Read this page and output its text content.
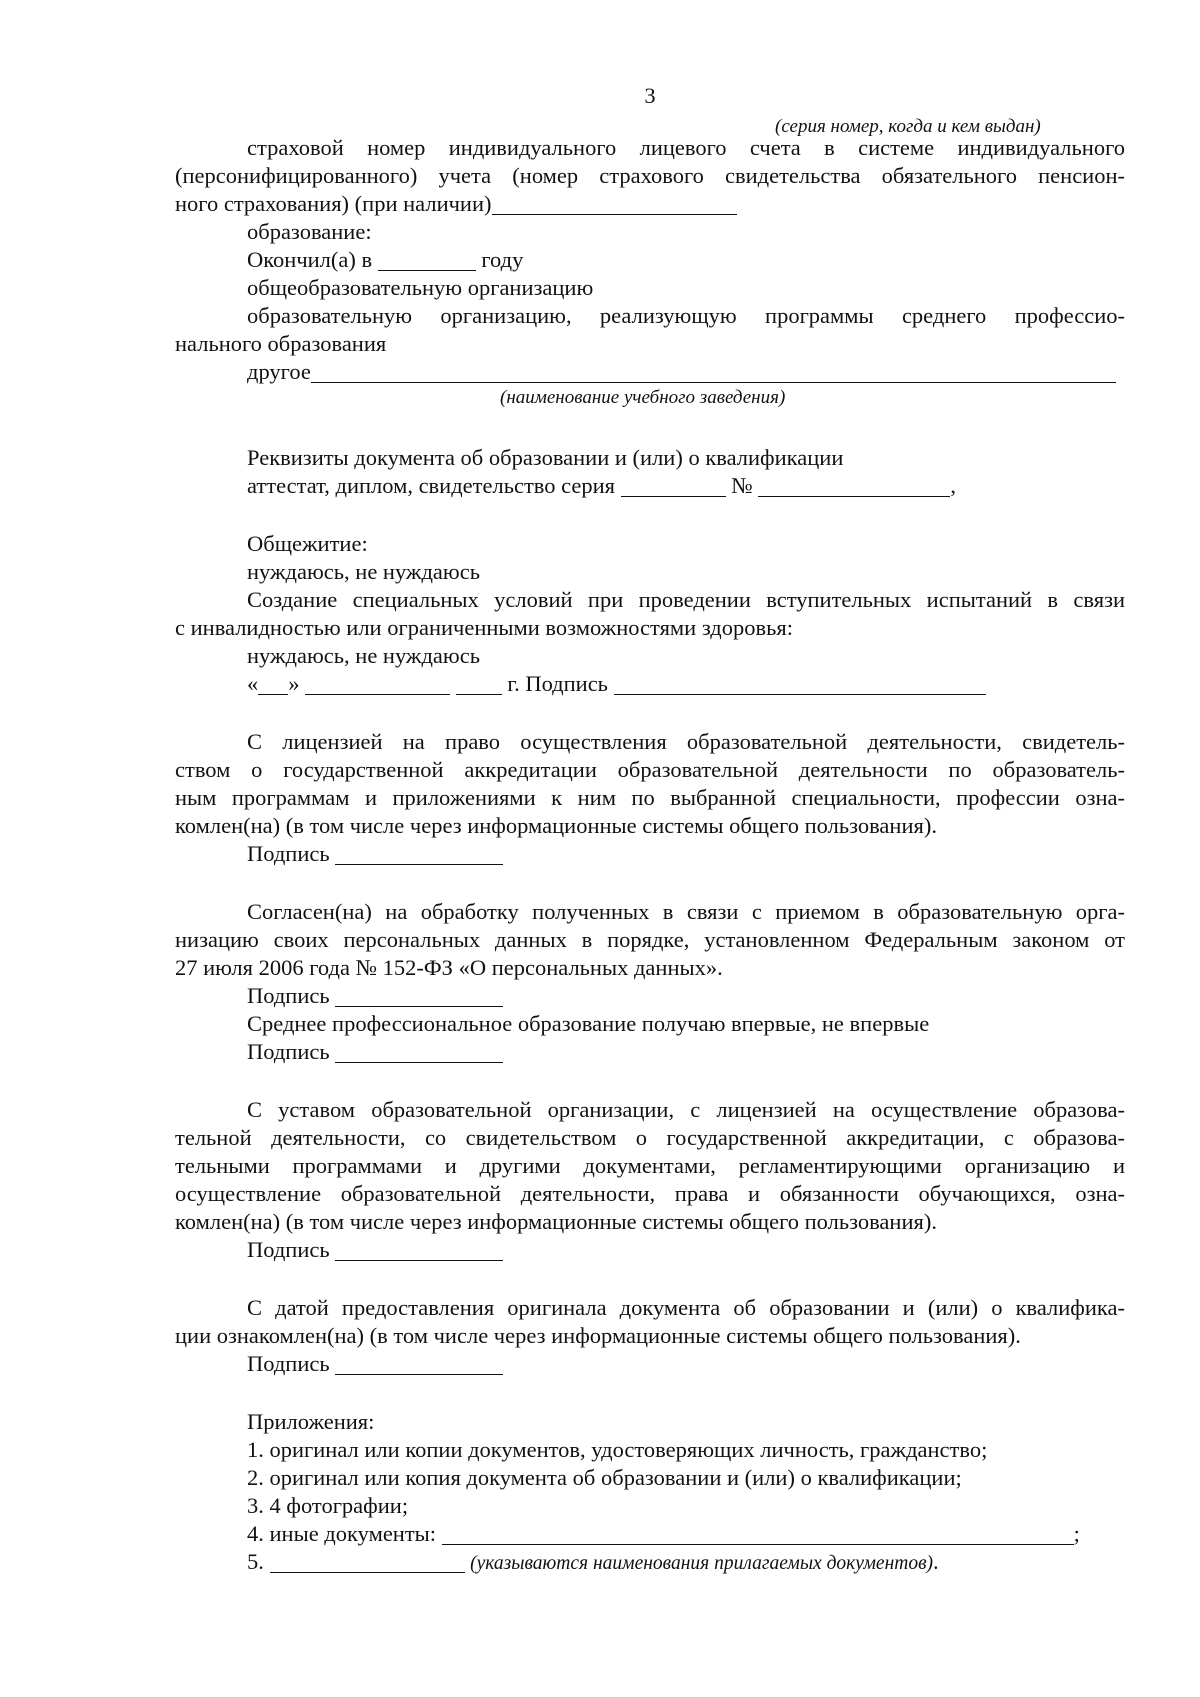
3
(серия номер, когда и кем выдан)
страховой номер индивидуального лицевого счета в системе индивидуального
(персонифицированного) учета (номер страхового свидетельства обязательного пенсион-
ного страхования) (при наличии)
образование:
Окончил(а) в	году
общеобразовательную организацию
образовательную организацию, реализующую программы среднего профессио-
нального образования
другое
(наименование учебного заведения)
Реквизиты документа об образовании и (или) о квалификации
аттестат, диплом, свидетельство серия	№	,
Общежитие:
нуждаюсь, не нуждаюсь
Создание специальных условий при проведении вступительных испытаний в связи
с инвалидностью или ограниченными возможностями здоровья:
нуждаюсь, не нуждаюсь
« »	г. Подпись
С лицензией на право осуществления образовательной деятельности, свидетель-
ством о государственной аккредитации образовательной деятельности по образователь-
ным программам и приложениями к ним по выбранной специальности, профессии озна-
комлен(на) (в том числе через информационные системы общего пользования).
Подпись
Согласен(на) на обработку полученных в связи с приемом в образовательную орга-
низацию своих персональных данных в порядке, установленном Федеральным законом от
27 июля 2006 года № 152-ФЗ «О персональных данных».
Подпись
Среднее профессиональное образование получаю впервые, не впервые
Подпись
С уставом образовательной организации, с лицензией на осуществление образова-
тельной деятельности, со свидетельством о государственной аккредитации, с образова-
тельными программами и другими документами, регламентирующими организацию и
осуществление образовательной деятельности, права и обязанности обучающихся, озна-
комлен(на) (в том числе через информационные системы общего пользования).
Подпись
С датой предоставления оригинала документа об образовании и (или) о квалифика-
ции ознакомлен(на) (в том числе через информационные системы общего пользования).
Подпись
Приложения:
1. оригинал или копии документов, удостоверяющих личность, гражданство;
2. оригинал или копия документа об образовании и (или) о квалификации;
3. 4 фотографии;
4. иные документы:	;
5.	(указываются наименования прилагаемых документов).
